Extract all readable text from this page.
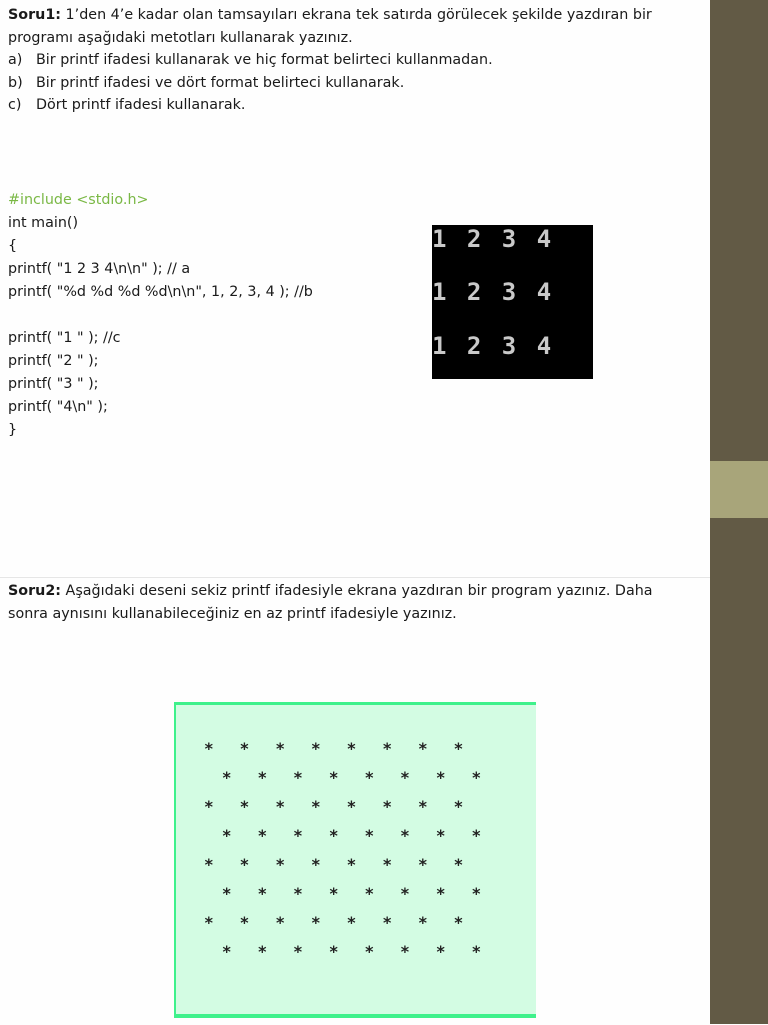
Soru1: 1’den 4’e kadar olan tamsayıları ekrana tek satırda görülecek şekilde yazdıran bir
programı aşağıdaki metotları kullanarak yazınız.
a) Bir printf ifadesi kullanarak ve hiç format belirteci kullanmadan.
b) Bir printf ifadesi ve dört format belirteci kullanarak.
c) Dört printf ifadesi kullanarak.
#include <stdio.h>
int main()
{
printf( "1 2 3 4\n\n" ); // a
printf( "%d %d %d %d\n\n", 1, 2, 3, 4 ); //b

printf( "1 " ); //c
printf( "2 " );
printf( "3 " );
printf( "4\n" );
}
1 2 3 4
1 2 3 4
1 2 3 4
Soru2: Aşağıdaki deseni sekiz printf ifadesiyle ekrana yazdıran bir program yazınız. Daha
sonra aynısını kullanabileceğiniz en az printf ifadesiyle yazınız.
* * * * * * * *
* * * * * * * *
* * * * * * * *
* * * * * * * *
* * * * * * * *
* * * * * * * *
* * * * * * * *
* * * * * * * *
